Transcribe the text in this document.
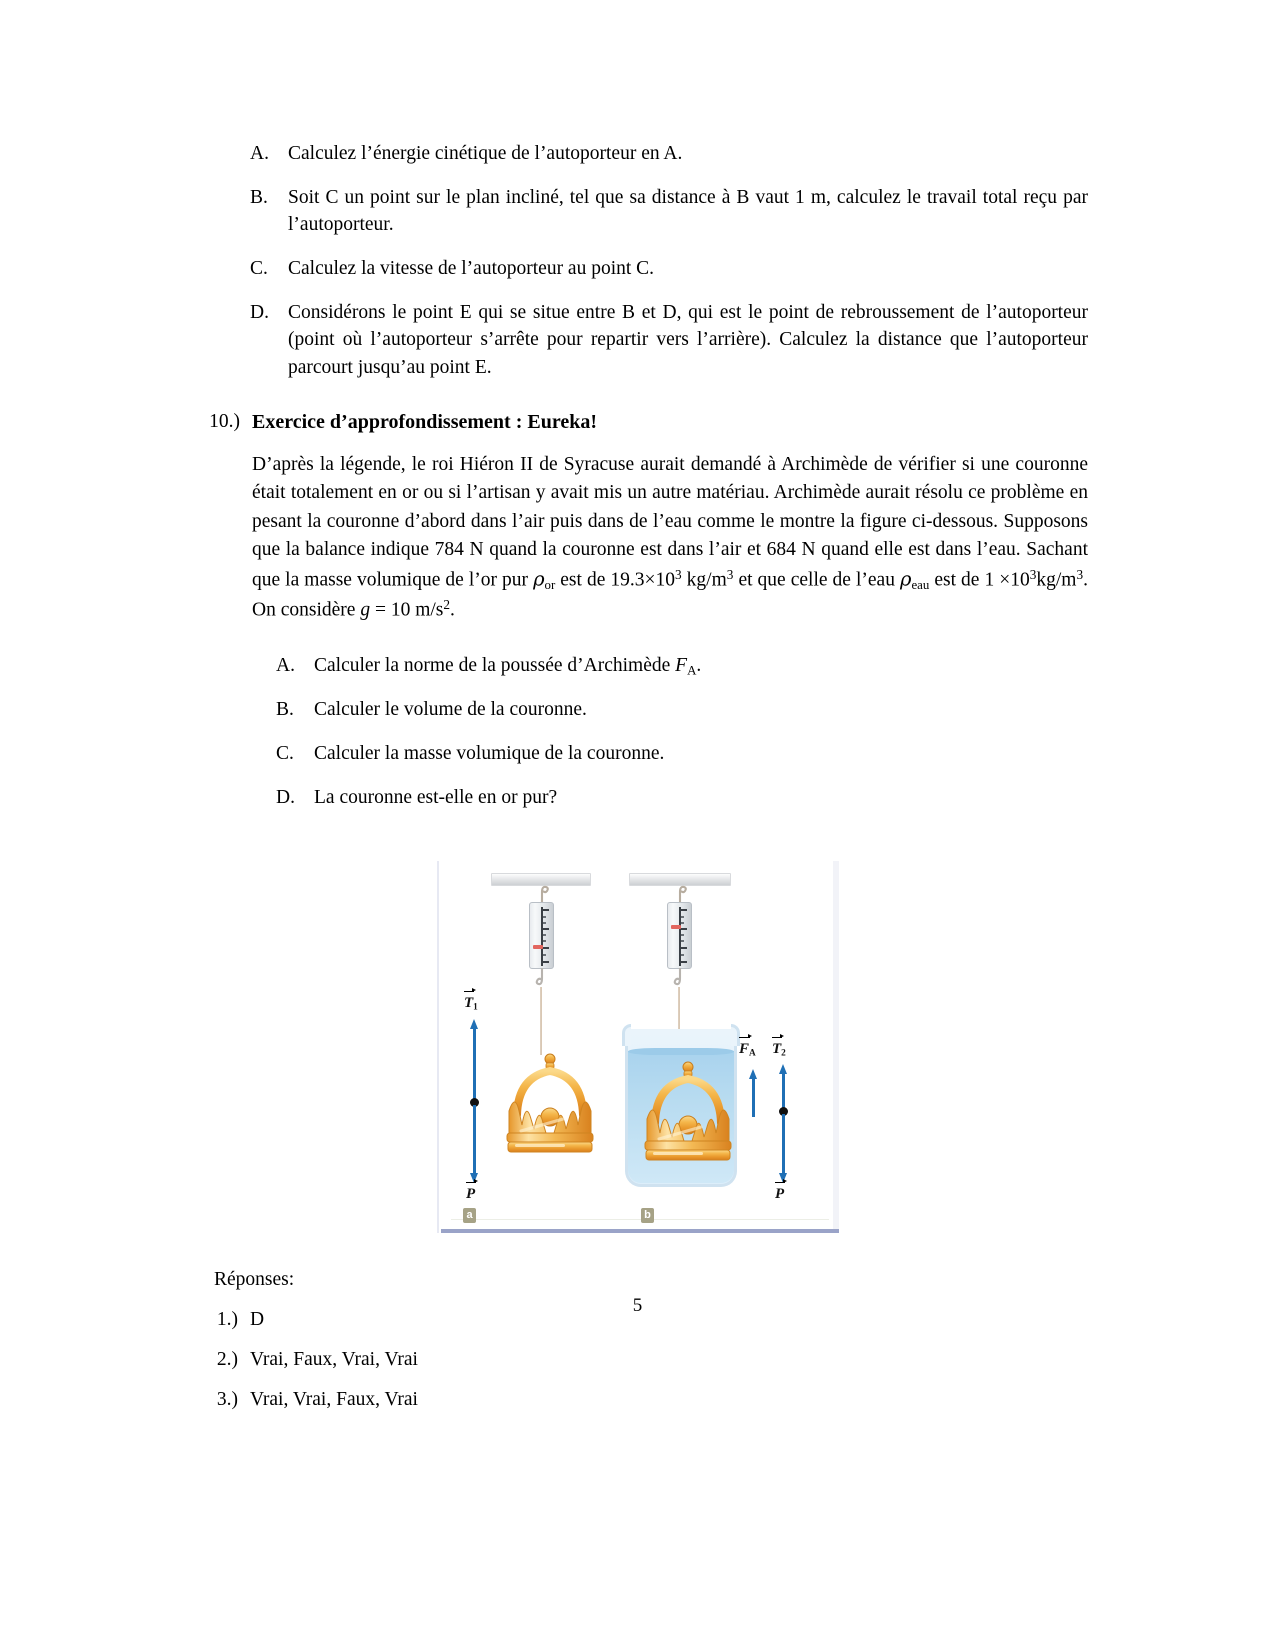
A. Calculez l’énergie cinétique de l’autoporteur en A.
B.	Soit C un point sur le plan incliné, tel que sa distance à B vaut 1 m, calculez le travail total reçu par l’autoporteur.
C.	Calculez la vitesse de l’autoporteur au point C.
D. Considérons le point E qui se situe entre B et D, qui est le point de rebroussement de l’autoporteur (point où l’autoporteur s’arrête pour repartir vers l’arrière). Calculez la distance que l’autoporteur parcourt jusqu’au point E.
10.) Exercice d’approfondissement : Eureka!
D’après la légende, le roi Hiéron II de Syracuse aurait demandé à Archimède de vérifier si une couronne était totalement en or ou si l’artisan y avait mis un autre matériau. Archimède aurait résolu ce problème en pesant la couronne d’abord dans l’air puis dans de l’eau comme le montre la figure ci-dessous. Supposons que la balance indique 784 N quand la couronne est dans l’air et 684 N quand elle est dans l’eau. Sachant que la masse volumique de l’or pur $\rho_{or}$ est de $19.3\times 10^3$ $kg/m^3$ et que celle de l’eau $\rho_{eau}$ est de $1 \times 10^3kg/m^3$. On considère g = 10 $m/s^2$.
A. Calculer la norme de la poussée d’Archimède $F_A$.
B.	Calculer le volume de la couronne.
C.	Calculer la masse volumique de la couronne.
D. La couronne est-elle en or pur?
T
1
P
F
A T
2
P
a	b
Réponses:
1.) D
2.) Vrai, Faux, Vrai, Vrai
3.) Vrai, Vrai, Faux, Vrai
5
